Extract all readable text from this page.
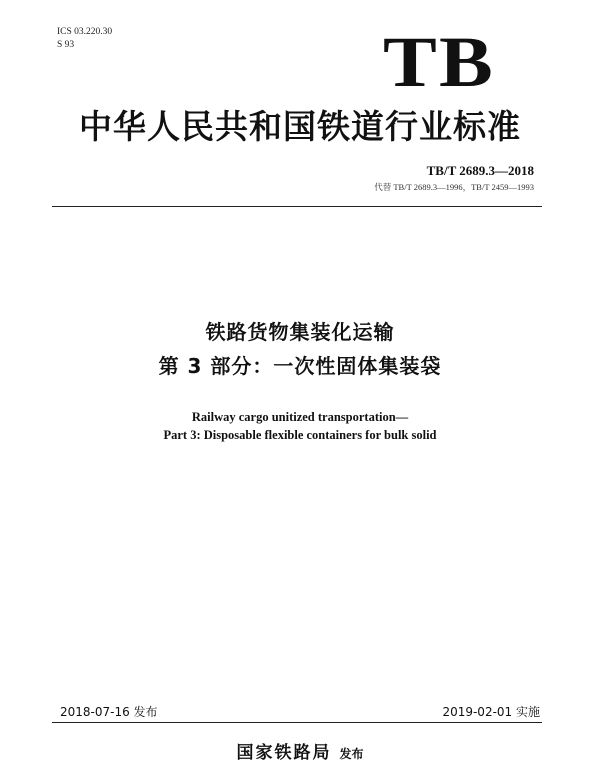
ICS 03.220.30
S 93	TB
中华人民共和国铁道行业标准
TB/T 2689.3—2018
代替 TB/T 2689.3—1996，TB/T 2459—1993
铁路货物集装化运输
第 3 部分：一次性固体集装袋
Railway cargo unitized transportation—
Part 3: Disposable flexible containers for bulk solid
2018-07-16 发布	2019-02-01 实施
国家铁路局 发布
